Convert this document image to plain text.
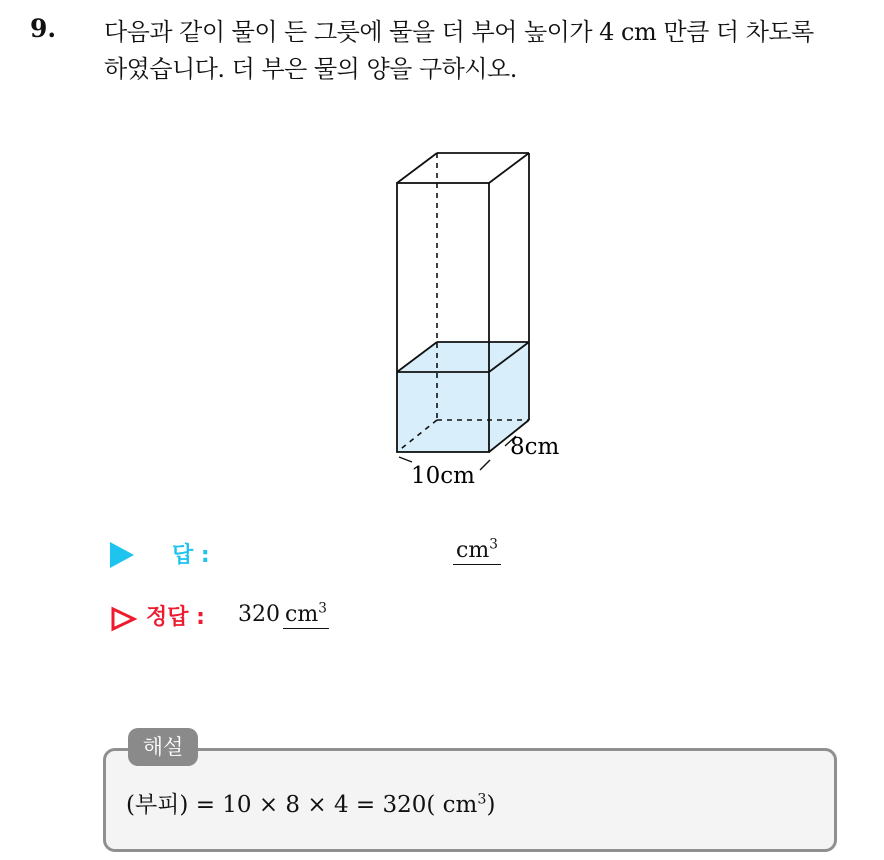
9. 다음과 같이 물이 든 그릇에 물을 더 부어 높이가 4 cm 만큼 더 차도록
하였습니다. 더 부은 물의 양을 구하시오.
8cm
10cm
답 :	$cm^3$
정답 : 320 $cm^3$
해설
(부피) = 10 × 8 × 4 = 320( $cm^3$)
